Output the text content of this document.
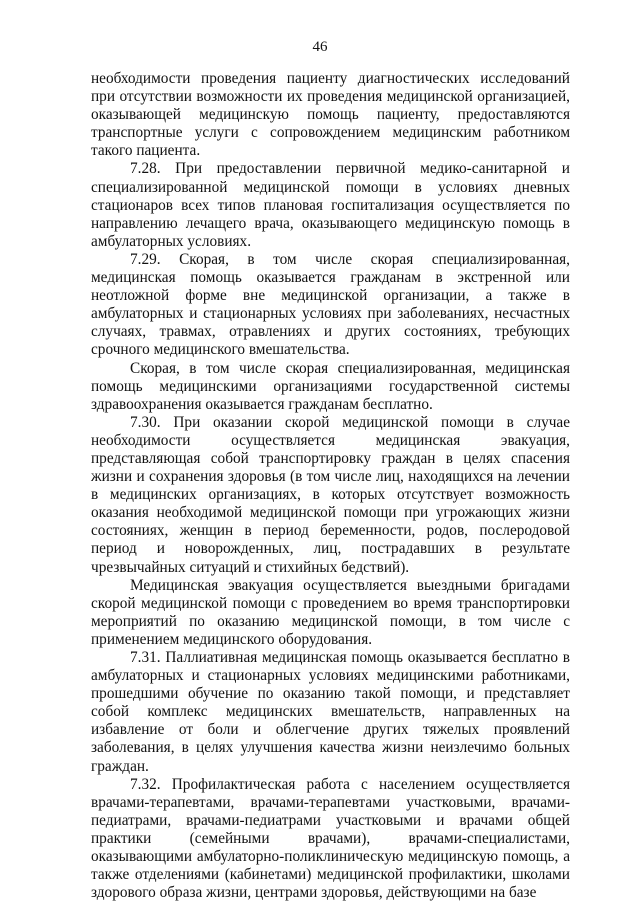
46

необходимости проведения пациенту диагностических исследований при отсутствии возможности их проведения медицинской организацией, оказывающей медицинскую помощь пациенту, предоставляются транспортные услуги с сопровождением медицинским работником такого пациента.

7.28. При предоставлении первичной медико-санитарной и специализированной медицинской помощи в условиях дневных стационаров всех типов плановая госпитализация осуществляется по направлению лечащего врача, оказывающего медицинскую помощь в амбулаторных условиях.

7.29. Скорая, в том числе скорая специализированная, медицинская помощь оказывается гражданам в экстренной или неотложной форме вне медицинской организации, а также в амбулаторных и стационарных условиях при заболеваниях, несчастных случаях, травмах, отравлениях и других состояниях, требующих срочного медицинского вмешательства.

Скорая, в том числе скорая специализированная, медицинская помощь медицинскими организациями государственной системы здравоохранения оказывается гражданам бесплатно.

7.30. При оказании скорой медицинской помощи в случае необходимости осуществляется медицинская эвакуация, представляющая собой транспортировку граждан в целях спасения жизни и сохранения здоровья (в том числе лиц, находящихся на лечении в медицинских организациях, в которых отсутствует возможность оказания необходимой медицинской помощи при угрожающих жизни состояниях, женщин в период беременности, родов, послеродовой период и новорожденных, лиц, пострадавших в результате чрезвычайных ситуаций и стихийных бедствий).

Медицинская эвакуация осуществляется выездными бригадами скорой медицинской помощи с проведением во время транспортировки мероприятий по оказанию медицинской помощи, в том числе с применением медицинского оборудования.

7.31. Паллиативная медицинская помощь оказывается бесплатно в амбулаторных и стационарных условиях медицинскими работниками, прошедшими обучение по оказанию такой помощи, и представляет собой комплекс медицинских вмешательств, направленных на избавление от боли и облегчение других тяжелых проявлений заболевания, в целях улучшения качества жизни неизлечимо больных граждан.

7.32. Профилактическая работа с населением осуществляется врачами-терапевтами, врачами-терапевтами участковыми, врачами-педиатрами, врачами-педиатрами участковыми и врачами общей практики (семейными врачами), врачами-специалистами, оказывающими амбулаторно-поликлиническую медицинскую помощь, а также отделениями (кабинетами) медицинской профилактики, школами здорового образа жизни, центрами здоровья, действующими на базе
